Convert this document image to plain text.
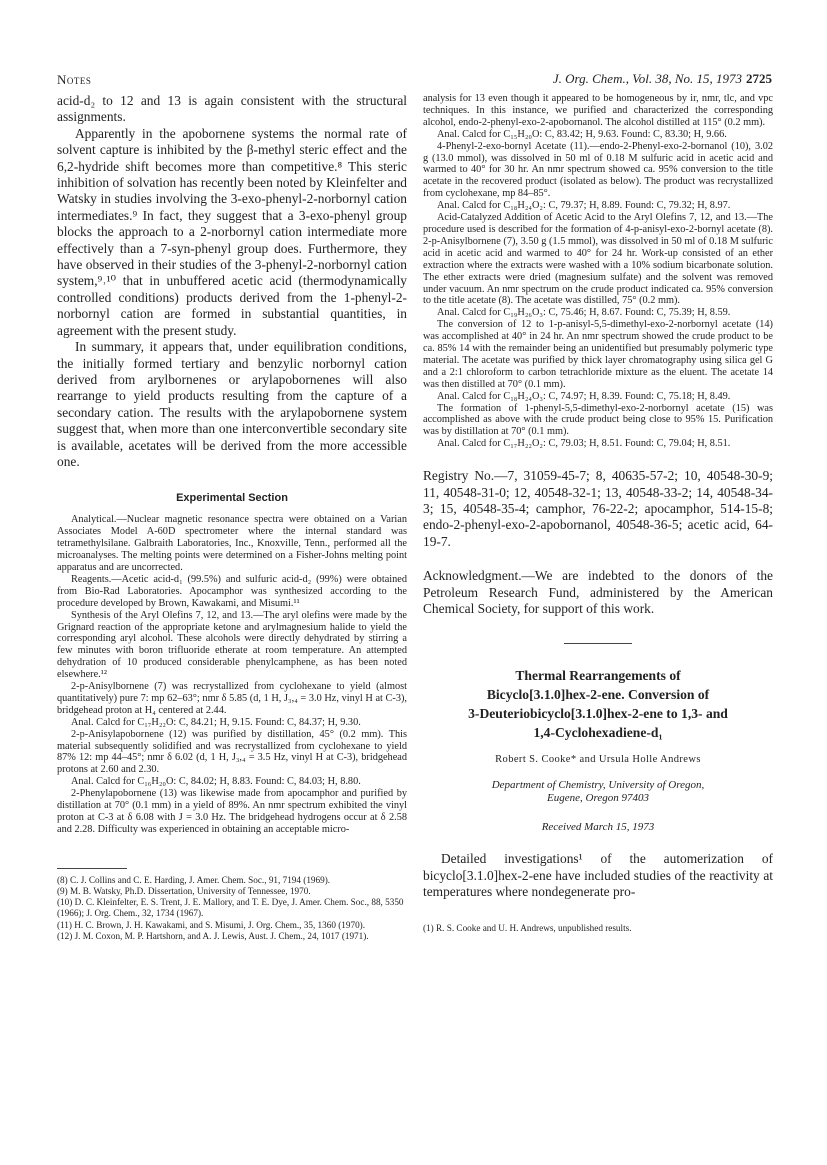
Notes	J. Org. Chem., Vol. 38, No. 15, 1973 2725

acid-d₂ to 12 and 13 is again consistent with the structural assignments.

Apparently in the apobornene systems the normal rate of solvent capture is inhibited by the β-methyl steric effect and the 6,2-hydride shift becomes more than competitive.⁸ This steric inhibition of solvation has recently been noted by Kleinfelter and Watsky in studies involving the 3-exo-phenyl-2-norbornyl cation intermediates.⁹ In fact, they suggest that a 3-exo-phenyl group blocks the approach to a 2-norbornyl cation intermediate more effectively than a 7-syn-phenyl group does. Furthermore, they have observed in their studies of the 3-phenyl-2-norbornyl cation system,⁹˒¹⁰ that in unbuffered acetic acid (thermodynamically controlled conditions) products derived from the 1-phenyl-2-norbornyl cation are formed in substantial quantities, in agreement with the present study.

In summary, it appears that, under equilibration conditions, the initially formed tertiary and benzylic norbornyl cation derived from arylbornenes or arylapobornenes will also rearrange to yield products resulting from the capture of a secondary cation. The results with the arylapobornene system suggest that, when more than one interconvertible secondary site is available, acetates will be derived from the more accessible one.

Experimental Section

Analytical.—Nuclear magnetic resonance spectra were obtained on a Varian Associates Model A-60D spectrometer where the internal standard was tetramethylsilane. Galbraith Laboratories, Inc., Knoxville, Tenn., performed all the microanalyses. The melting points were determined on a Fisher-Johns melting point apparatus and are uncorrected.

Reagents.—Acetic acid-d₁ (99.5%) and sulfuric acid-d₂ (99%) were obtained from Bio-Rad Laboratories. Apocamphor was synthesized according to the procedure developed by Brown, Kawakami, and Misumi.¹¹

Synthesis of the Aryl Olefins 7, 12, and 13.—The aryl olefins were made by the Grignard reaction of the appropriate ketone and arylmagnesium halide to yield the corresponding aryl alcohol. These alcohols were directly dehydrated by stirring a few minutes with boron trifluoride etherate at room temperature. An attempted dehydration of 10 produced considerable phenylcamphene, as has been noted elsewhere.¹²

2-p-Anisylbornene (7) was recrystallized from cyclohexane to yield (almost quantitatively) pure 7: mp 62–63°; nmr δ 5.85 (d, 1 H, J₃,₄ = 3.0 Hz, vinyl H at C-3), bridgehead proton at H₄ centered at 2.44.

Anal. Calcd for C₁₇H₂₂O: C, 84.21; H, 9.15. Found: C, 84.37; H, 9.30.

2-p-Anisylapobornene (12) was purified by distillation, 45° (0.2 mm). This material subsequently solidified and was recrystallized from cyclohexane to yield 87% 12: mp 44–45°; nmr δ 6.02 (d, 1 H, J₃,₄ = 3.5 Hz, vinyl H at C-3), bridgehead protons at 2.60 and 2.30.

Anal. Calcd for C₁₆H₂₀O: C, 84.02; H, 8.83. Found: C, 84.03; H, 8.80.

2-Phenylapobornene (13) was likewise made from apocamphor and purified by distillation at 70° (0.1 mm) in a yield of 89%. An nmr spectrum exhibited the vinyl proton at C-3 at δ 6.08 with J = 3.0 Hz. The bridgehead hydrogens occur at δ 2.58 and 2.28. Difficulty was experienced in obtaining an acceptable micro-

(8) C. J. Collins and C. E. Harding, J. Amer. Chem. Soc., 91, 7194 (1969).

(9) M. B. Watsky, Ph.D. Dissertation, University of Tennessee, 1970.

(10) D. C. Kleinfelter, E. S. Trent, J. E. Mallory, and T. E. Dye, J. Amer. Chem. Soc., 88, 5350 (1966); J. Org. Chem., 32, 1734 (1967).

(11) H. C. Brown, J. H. Kawakami, and S. Misumi, J. Org. Chem., 35, 1360 (1970).

(12) J. M. Coxon, M. P. Hartshorn, and A. J. Lewis, Aust. J. Chem., 24, 1017 (1971).

analysis for 13 even though it appeared to be homogeneous by ir, nmr, tlc, and vpc techniques. In this instance, we purified and characterized the corresponding alcohol, endo-2-phenyl-exo-2-apobornanol. The alcohol distilled at 115° (0.2 mm).

Anal. Calcd for C₁₅H₂₀O: C, 83.42; H, 9.63. Found: C, 83.30; H, 9.66.

4-Phenyl-2-exo-bornyl Acetate (11).—endo-2-Phenyl-exo-2-bornanol (10), 3.02 g (13.0 mmol), was dissolved in 50 ml of 0.18 M sulfuric acid in acetic acid and warmed to 40° for 30 hr. An nmr spectrum showed ca. 95% conversion to the title acetate in the recovered product (isolated as below). The product was recrystallized from cyclohexane, mp 84–85°.

Anal. Calcd for C₁₈H₂₄O₂: C, 79.37; H, 8.89. Found: C, 79.32; H, 8.97.

Acid-Catalyzed Addition of Acetic Acid to the Aryl Olefins 7, 12, and 13.—The procedure used is described for the formation of 4-p-anisyl-exo-2-bornyl acetate (8). 2-p-Anisylbornene (7), 3.50 g (1.5 mmol), was dissolved in 50 ml of 0.18 M sulfuric acid in acetic acid and warmed to 40° for 24 hr. Work-up consisted of an ether extraction where the extracts were washed with a 10% sodium bicarbonate solution. The ether extracts were dried (magnesium sulfate) and the solvent was removed under vacuum. An nmr spectrum on the crude product indicated ca. 95% conversion to the title acetate (8). The acetate was distilled, 75° (0.2 mm).

Anal. Calcd for C₁₉H₂₆O₃: C, 75.46; H, 8.67. Found: C, 75.39; H, 8.59.

The conversion of 12 to 1-p-anisyl-5,5-dimethyl-exo-2-norbornyl acetate (14) was accomplished at 40° in 24 hr. An nmr spectrum showed the crude product to be ca. 85% 14 with the remainder being an unidentified but presumably polymeric type material. The acetate was purified by thick layer chromatography using silica gel G and a 2:1 chloroform to carbon tetrachloride mixture as the eluent. The acetate 14 was then distilled at 70° (0.1 mm).

Anal. Calcd for C₁₈H₂₄O₃: C, 74.97; H, 8.39. Found: C, 75.18; H, 8.49.

The formation of 1-phenyl-5,5-dimethyl-exo-2-norbornyl acetate (15) was accomplished as above with the crude product being close to 95% 15. Purification was by distillation at 70° (0.1 mm).

Anal. Calcd for C₁₇H₂₂O₂: C, 79.03; H, 8.51. Found: C, 79.04; H, 8.51.

Registry No.—7, 31059-45-7; 8, 40635-57-2; 10, 40548-30-9; 11, 40548-31-0; 12, 40548-32-1; 13, 40548-33-2; 14, 40548-34-3; 15, 40548-35-4; camphor, 76-22-2; apocamphor, 514-15-8; endo-2-phenyl-exo-2-apobornanol, 40548-36-5; acetic acid, 64-19-7.

Acknowledgment.—We are indebted to the donors of the Petroleum Research Fund, administered by the American Chemical Society, for support of this work.

Thermal Rearrangements of
Bicyclo[3.1.0]hex-2-ene. Conversion of
3-Deuteriobicyclo[3.1.0]hex-2-ene to 1,3- and
1,4-Cyclohexadiene-d₁
Robert S. Cooke* and Ursula Holle Andrews
Department of Chemistry, University of Oregon,
Eugene, Oregon 97403
Received March 15, 1973

Detailed investigations¹ of the automerization of bicyclo[3.1.0]hex-2-ene have included studies of the reactivity at temperatures where nondegenerate pro-

(1) R. S. Cooke and U. H. Andrews, unpublished results.
